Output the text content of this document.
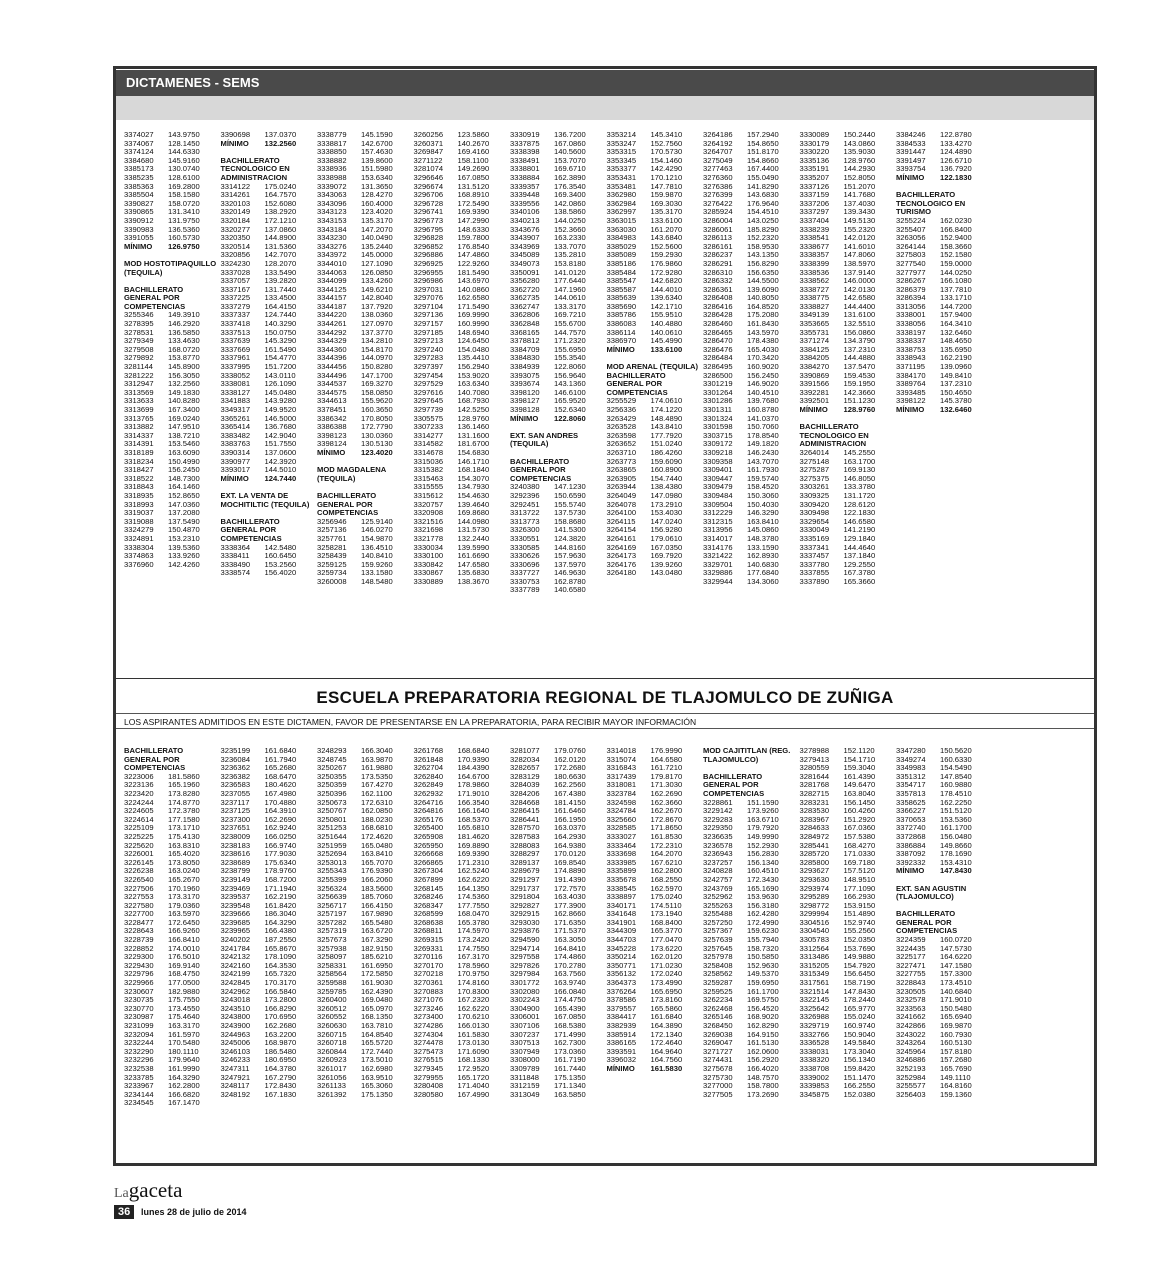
DICTAMENES - SEMS
3374027	143.9750
3374067	128.1450
3374124	144.6330
3384680	145.9160
3385173	130.0740
3385235	128.6100
3385363	169.2800
3385504	158.1580
3390827	158.0720
3390865	131.3410
3390912	131.9750
3390983	136.5360
3391055	160.5730
MÍNIMO	126.9750
MOD HOSTOTIPAQUILLO (TEQUILA)
BACHILLERATO GENERAL POR COMPETENCIAS
3255346	149.3910
3278395	146.2920
3278531	136.5850
3279349	133.4630
3279508	168.0720
3279892	153.8770
3281144	145.8900
3281222	156.3050
3312947	132.2560
3313569	149.1830
3313633	140.8280
3313699	167.3400
3313765	169.0240
3313882	147.9510
3314337	138.7210
3314391	153.5460
3318189	163.6090
3318234	150.4990
3318427	156.2450
3318522	148.7300
3318843	164.1460
3318935	152.8650
3318993	147.0360
3319037	137.2080
3319088	137.5490
3324279	150.4870
3324891	153.2310
3338304	139.5360
3374863	133.9260
3376960	142.4260
3390698	137.0370
MÍNIMO	132.2560
BACHILLERATO TECNOLOGICO EN ADMINISTRACION
3314122	175.0240
3314261	164.7570
3320103	152.6080
3320149	138.2920
3320184	172.1210
3320277	137.0860
3320350	144.8900
3320514	131.5360
3320856	142.7070
3324230	128.2070
3337028	133.5490
3337057	139.2820
3337167	131.7440
3337225	133.4500
3337279	164.4150
3337337	124.7440
3337418	140.3290
3337513	150.0750
3337639	145.3290
3337669	161.5490
3337961	154.4770
3337995	151.7200
3338052	143.0110
3338081	126.1090
3338127	145.0480
3341883	143.9280
3349317	149.9520
3365261	146.5000
3365414	136.7680
3383482	142.9040
3383763	151.7550
3390314	137.0600
3390977	142.3920
3393017	144.5010
MÍNIMO	124.7440
EXT. LA VENTA DE MOCHITILTIC (TEQUILA)
BACHILLERATO GENERAL POR COMPETENCIAS
3338364	142.5480
3338411	160.6450
3338490	153.2560
3338574	156.4020
3338779	145.1590
3338817	142.6700
3338850	157.4630
3338882	139.8600
3338936	151.5980
3338988	153.6340
3339072	131.3650
3343063	128.4270
3343096	160.4000
3343123	123.4020
3343153	135.3170
3343184	147.2070
3343230	140.0490
3343276	135.2440
3343972	145.0000
3344010	127.1090
3344063	126.0850
3344099	133.4260
3344125	149.6210
3344157	142.8040
3344187	137.7920
3344220	138.0360
3344261	127.0970
3344292	137.3770
3344329	134.2810
3344360	154.8170
3344396	144.0970
3344456	150.8280
3344496	147.1700
3344537	169.3270
3344575	158.0850
3344613	155.9620
3378451	160.3650
3386342	170.8050
3386388	172.7790
3398123	130.0360
3398124	130.5130
MÍNIMO	123.4020
MOD MAGDALENA (TEQUILA)
BACHILLERATO GENERAL POR COMPETENCIAS
3256946	125.9140
3257136	146.0270
3257761	154.9870
3258281	136.4510
3258439	140.8410
3259125	159.9260
3259734	133.1580
3260008	148.5480
3260256	123.5860
3260371	140.2670
3269847	169.4160
3271122	158.1100
3281074	149.2690
3296646	167.0850
3296674	131.5120
3296706	168.8910
3296728	172.5490
3296741	169.9390
3296773	147.2990
3296795	148.6330
3296828	159.7800
3296852	176.8540
3296886	147.4860
3296925	122.9260
3296955	181.5490
3296986	143.6970
3297031	140.0860
3297076	162.6580
3297104	171.5490
3297136	169.9990
3297157	160.9990
3297185	148.6940
3297213	124.6450
3297240	154.0480
3297283	135.4410
3297397	156.2940
3297454	153.9020
3297529	163.6340
3297616	140.7080
3297645	168.7930
3297739	142.5250
3305575	128.9760
3307233	136.1460
3314277	131.1600
3314582	181.6700
3314678	154.6830
3315036	146.1710
3315382	168.1840
3315463	154.3070
3315555	134.7930
3315612	154.4630
3320757	139.4640
3320908	169.8680
3321516	144.0980
3321698	131.5730
3321778	132.2440
3330034	139.5990
3330100	161.6690
3330842	147.6580
3330867	135.6830
3330889	138.3670
3330919	136.7200
3337875	167.0860
3338398	140.5600
3338491	153.7070
3338801	169.6710
3338884	162.3890
3339357	176.3540
3339448	169.3400
3339556	142.0860
3340106	138.5860
3340213	144.0250
3343676	152.3660
3343907	163.2330
3343969	133.7070
3345089	135.2810
3349073	153.8180
3350091	141.0120
3356280	177.6440
3362720	147.1960
3362735	144.0610
3362747	133.3170
3362806	169.7210
3362848	155.6700
3368165	144.7570
3378812	171.2320
3384709	155.6950
3384830	155.3540
3384939	122.8060
3393075	156.9640
3393674	143.1360
3398120	146.6100
3398127	165.9520
3398128	152.6340
MÍNIMO	122.8060
EXT. SAN ANDRES (TEQUILA)
BACHILLERATO GENERAL POR COMPETENCIAS
3240380	147.1230
3292396	150.6590
3292451	155.5740
3313722	137.5730
3313773	158.8680
3326300	141.5300
3330551	124.3820
3330585	144.8160
3330626	157.9630
3330696	137.5970
3337727	146.9630
3330753	162.8780
3337789	140.6580
3353214	145.3410
3353247	152.7560
3353315	170.5730
3353345	154.1460
3353377	142.4290
3353431	170.1210
3353481	147.7810
3362980	159.9870
3362984	169.3030
3362997	135.3170
3363015	133.6100
3363030	161.2070
3384983	143.6840
3385029	152.5600
3385089	159.2930
3385186	176.9860
3385484	172.9280
3385547	142.6820
3385587	144.4010
3385639	139.6340
3385690	142.1710
3385786	155.9510
3386083	140.4880
3386114	140.0610
3386970	145.4990
MÍNIMO	133.6100
MOD ARENAL (TEQUILA)
BACHILLERATO GENERAL POR COMPETENCIAS
3255529	174.0610
3256336	174.1220
3263429	148.4890
3263528	143.8410
3263598	177.7920
3263652	151.0240
3263710	186.4260
3263773	159.6090
3263865	160.8900
3263905	154.7440
3263944	138.4380
3264049	147.0980
3264078	173.2910
3264100	153.4030
3264115	147.0240
3264154	156.9280
3264161	179.0610
3264169	167.0350
3264173	169.7920
3264176	139.9260
3264180	143.0480
3264186	157.2940
3264192	154.8650
3264707	151.8170
3275049	154.8660
3277463	167.4400
3276360	155.0490
3276386	141.8290
3276399	143.6830
3276422	176.9640
3285924	154.4510
3286004	143.0250
3286061	185.8290
3286113	152.2320
3286161	158.9530
3286237	143.1350
3286291	156.8290
3286310	156.6350
3286332	144.5500
3286361	139.6090
3286408	140.8050
3286416	164.8520
3286428	175.2080
3286460	161.8430
3286465	143.5970
3286470	178.4380
3286476	165.4030
3286484	170.3420
3286495	160.9020
3286500	156.2450
3301219	146.9020
3301264	140.4510
3301286	139.7680
3301311	160.8780
3301324	141.0370
3301598	150.7060
3303715	178.8540
3309172	149.1820
3309218	146.2430
3309358	143.7070
3309401	161.7930
3309447	159.5740
3309479	158.4520
3309484	150.3060
3309504	150.4030
3312229	146.3290
3312315	163.8410
3313956	145.0860
3314017	148.3780
3314176	133.1590
3321422	162.8930
3329701	140.6830
3329886	177.6840
3329944	134.3060
3330089	150.2440
3330179	143.0860
3330220	135.9030
3335136	128.9760
3335191	144.2930
3335207	152.8050
3337126	151.2070
3337159	141.7680
3337206	137.4030
3337297	139.3430
3337404	149.5130
3338239	155.2320
3338541	142.0120
3338677	141.6010
3338357	147.8060
3338399	138.5970
3338536	137.9140
3338562	146.0000
3338727	142.0130
3338775	142.6580
3338827	144.4400
3349139	131.6100
3353665	132.5510
3355731	156.0860
3371274	134.3790
3384125	137.2310
3384205	144.4880
3384270	137.5470
3390869	159.4530
3391566	159.1950
3392281	142.3660
3392501	151.1230
MÍNIMO	128.9760
BACHILLERATO TECNOLOGICO EN ADMINISTRACION
3264014	145.2550
3275148	163.1700
3275287	169.9130
3275375	146.8050
3303261	133.3780
3309325	131.1720
3309420	128.6120
3309498	122.1830
3329654	146.6580
3330049	141.2190
3335169	129.1840
3337341	144.4640
3337457	137.1840
3337780	129.2550
3337855	167.3780
3337890	165.3660
3384246	122.8780
3384533	133.4270
3391447	124.4890
3391497	126.6710
3393754	136.7920
MÍNIMO	122.1830
BACHILLERATO TECNOLOGICO EN TURISMO
3255224	162.0230
3255407	166.8400
3263056	152.9400
3264144	158.3660
3275803	152.1580
3277540	159.0000
3277977	144.0250
3286267	166.1080
3286379	137.7810
3286394	133.1710
3313056	144.7200
3338001	157.9400
3338056	164.3410
3338197	132.6460
3338337	148.4650
3338753	135.6950
3338943	162.2190
3371195	139.0960
3384170	149.8410
3389764	137.2310
3393485	150.4650
3398122	145.3780
MÍNIMO	132.6460
ESCUELA PREPARATORIA REGIONAL DE TLAJOMULCO DE ZUÑIGA
LOS ASPIRANTES ADMITIDOS EN ESTE DICTAMEN, FAVOR DE PRESENTARSE EN LA PREPARATORIA, PARA RECIBIR MAYOR INFORMACIÓN
BACHILLERATO GENERAL POR COMPETENCIAS
3223006	181.5860
3223136	165.1960
3223420	173.8280
3224244	174.8770
3224605	172.3780
3224614	177.1580
3225109	173.1710
3225225	175.4130
3225620	163.8310
3226001	165.4020
3226145	173.8050
3226238	163.0240
3226540	165.2670
3227506	170.1960
3227553	173.3170
3227580	179.0360
3227700	163.5970
3228477	172.6450
3228643	166.9260
3228739	166.8410
3228852	174.0010
3229300	176.5010
3229430	169.9140
3229796	168.4750
3229966	177.0500
3230607	182.9880
3230735	175.7550
3230770	173.4550
3230987	175.4640
3231099	163.3170
3232094	161.5970
3232244	170.5480
3232290	180.1110
3232296	179.9640
3232538	161.9990
3233785	164.3290
3233967	162.2800
3234144	166.6820
3234545	167.1470
3235199	161.6840
3236084	161.7940
3236362	165.2680
3236382	168.6470
3236583	180.4620
3237055	167.4980
3237117	170.4880
3237125	164.3910
3237300	162.2690
3237651	162.9240
3238009	166.0250
3238183	166.9740
3238616	177.9030
3238689	175.6340
3238799	178.9760
3239149	168.7200
3239469	171.1940
3239537	162.2190
3239548	161.8420
3239666	186.3040
3239685	164.3290
3239965	166.4380
3240202	187.2550
3241784	165.8670
3242132	178.1090
3242160	164.3530
3242199	165.7320
3242845	170.3170
3242962	166.5840
3243018	173.2800
3243510	166.8290
3243800	170.6950
3243900	162.2680
3244963	163.2200
3245006	168.9870
3246103	186.5480
3246233	180.6950
3247311	164.3780
3247921	167.2790
3248117	172.8430
3248192	167.1830
3248293	166.3040
3248745	163.9870
3250267	161.9880
3250355	173.5350
3250359	167.4270
3250396	162.1100
3250673	172.6310
3250767	162.0850
3250801	188.0230
3251253	168.6810
3251644	172.4620
3251959	165.0480
3252694	163.8410
3253013	165.7070
3255343	176.9390
3255399	166.2060
3256324	183.5600
3256639	185.7060
3256717	166.4150
3257197	167.9890
3257282	165.5480
3257319	163.6720
3257673	167.3290
3257938	182.9150
3258097	185.6210
3258331	161.6950
3258564	172.5850
3259588	161.9030
3259785	162.4390
3260400	169.0480
3260512	165.0970
3260552	168.1350
3260630	163.7810
3260715	164.8540
3260718	165.5720
3260844	172.7440
3260923	173.5010
3261017	162.6980
3261056	163.9510
3261133	165.3060
3261392	175.1350
3261768	168.6840
3261848	170.9390
3262704	184.4390
3262840	164.6700
3262849	178.9860
3262932	171.9010
3264716	166.3540
3264816	166.1640
3265176	168.5370
3265400	165.6810
3265908	181.4620
3265950	169.8890
3266668	169.9390
3266865	171.2310
3267304	162.5240
3267899	162.6220
3268145	164.1350
3268246	174.5360
3268347	177.7550
3268599	168.0470
3268638	165.3780
3268811	174.5970
3269315	173.2420
3269331	174.7550
3270116	167.3170
3270170	178.5960
3270218	170.9750
3270361	174.8160
3270883	170.8300
3271076	167.2320
3273246	162.6220
3273400	170.6210
3274286	166.0130
3274304	161.5830
3274478	173.0130
3275473	171.6090
3276515	168.1330
3279345	172.9520
3279955	165.1720
3280408	171.4040
3280580	167.4990
3281077	179.0760
3282034	162.0120
3282657	172.2680
3283129	180.6630
3284039	162.2560
3284206	167.4380
3284668	181.4150
3286415	161.6460
3286441	166.1950
3287570	163.0370
3287583	164.2930
3288083	164.9380
3288297	170.0120
3289137	169.8540
3289679	174.8890
3291297	191.4390
3291737	172.7570
3291804	163.4030
3292827	177.3900
3292915	162.8660
3293030	171.6350
3293876	171.5370
3294590	163.3050
3294714	164.8410
3297558	174.4860
3297826	170.2780
3297984	163.7560
3301772	163.9740
3302080	166.0840
3302243	174.4750
3304900	165.4390
3306001	167.0850
3307106	168.5380
3307237	171.4990
3307513	162.7300
3307949	173.0360
3308000	161.7190
3309789	161.7440
3311848	175.1350
3312159	171.1340
3313049	163.5850
3314018	176.9990
3315074	164.6580
3316843	161.7210
3317439	179.8170
3318081	171.3030
3323784	162.2690
3324598	162.3660
3324784	162.2670
3325660	172.8670
3328585	171.8650
3333027	161.8530
3333464	172.2310
3333698	164.2070
3333985	167.6210
3335899	162.2800
3335678	168.2550
3338545	162.5970
3338897	175.0240
3340171	174.5110
3341648	173.1940
3341901	168.8400
3344309	165.3770
3344703	177.0470
3345228	173.6220
3350214	162.0120
3350771	171.0230
3356132	172.0240
3364373	173.4990
3376264	165.6950
3378586	173.8160
3379557	165.5860
3384417	161.6840
3382939	164.3890
3385914	172.1340
3386165	172.4640
3393591	164.9640
3396032	164.7560
MÍNIMO	161.5830
MOD CAJITITLAN (REG. TLAJOMULCO)
BACHILLERATO GENERAL POR COMPETENCIAS
3228861	151.1590
3229142	173.9260
3229283	163.6710
3229350	179.7920
3236635	149.9990
3236578	152.2930
3236943	156.2830
3237257	156.1340
3240828	160.4510
3242757	172.3430
3243769	165.1690
3252962	153.9630
3255263	156.3180
3255488	162.4280
3257250	172.4990
3257367	159.6230
3257639	155.7940
3257645	158.7320
3257978	150.5850
3258408	152.9630
3258562	149.5370
3259287	159.6950
3259525	161.1700
3262234	169.5750
3262468	156.4520
3265146	168.9020
3268450	162.8290
3269038	164.9150
3269047	161.5130
3271727	162.0600
3274431	156.2920
3275678	166.4020
3275730	148.7570
3277000	158.7800
3277505	173.2690
3278988	152.1120
3279413	154.1710
3280559	159.3040
3281644	161.4390
3281768	149.6470
3282715	163.8040
3283231	156.1450
3283530	160.4260
3283967	151.2920
3284633	167.0360
3284972	157.5380
3285441	168.4270
3285720	171.0330
3285800	169.7180
3293627	157.5120
3293630	148.9510
3293974	177.1090
3295289	166.2930
3298772	153.9150
3299994	151.4890
3304516	152.9740
3304540	155.2560
3305783	152.0350
3312564	153.7690
3313486	149.9880
3315205	154.7920
3315349	156.6450
3317561	158.7190
3321514	147.8430
3322145	178.2440
3325642	165.9770
3326988	155.0240
3329719	160.9740
3332766	150.9040
3336528	149.5840
3338031	173.3040
3338320	156.1340
3338708	159.8420
3339002	151.1470
3339853	166.2550
3345875	152.0380
3347280	150.5620
3349274	160.6330
3349983	154.5490
3351312	147.8540
3354717	160.9880
3357813	178.4510
3358625	162.2250
3366227	151.5120
3370653	153.5360
3372740	161.1700
3372868	156.0480
3386884	149.8660
3387092	178.1690
3392332	153.4310
MÍNIMO	147.8430
EXT. SAN AGUSTIN (TLAJOMULCO)
BACHILLERATO GENERAL POR COMPETENCIAS
3224359	160.0720
3224435	147.5730
3225177	164.6220
3227471	147.1580
3227755	157.3300
3228843	173.4510
3230505	140.6840
3232578	171.9010
3233563	150.5480
3241662	165.6940
3242866	169.9870
3243022	160.7930
3243264	160.5130
3245964	157.8180
3246886	157.2680
3252193	165.7690
3252984	149.1110
3255577	164.8160
3256403	159.1360
Lagaceta
36	lunes 28 de julio de 2014
